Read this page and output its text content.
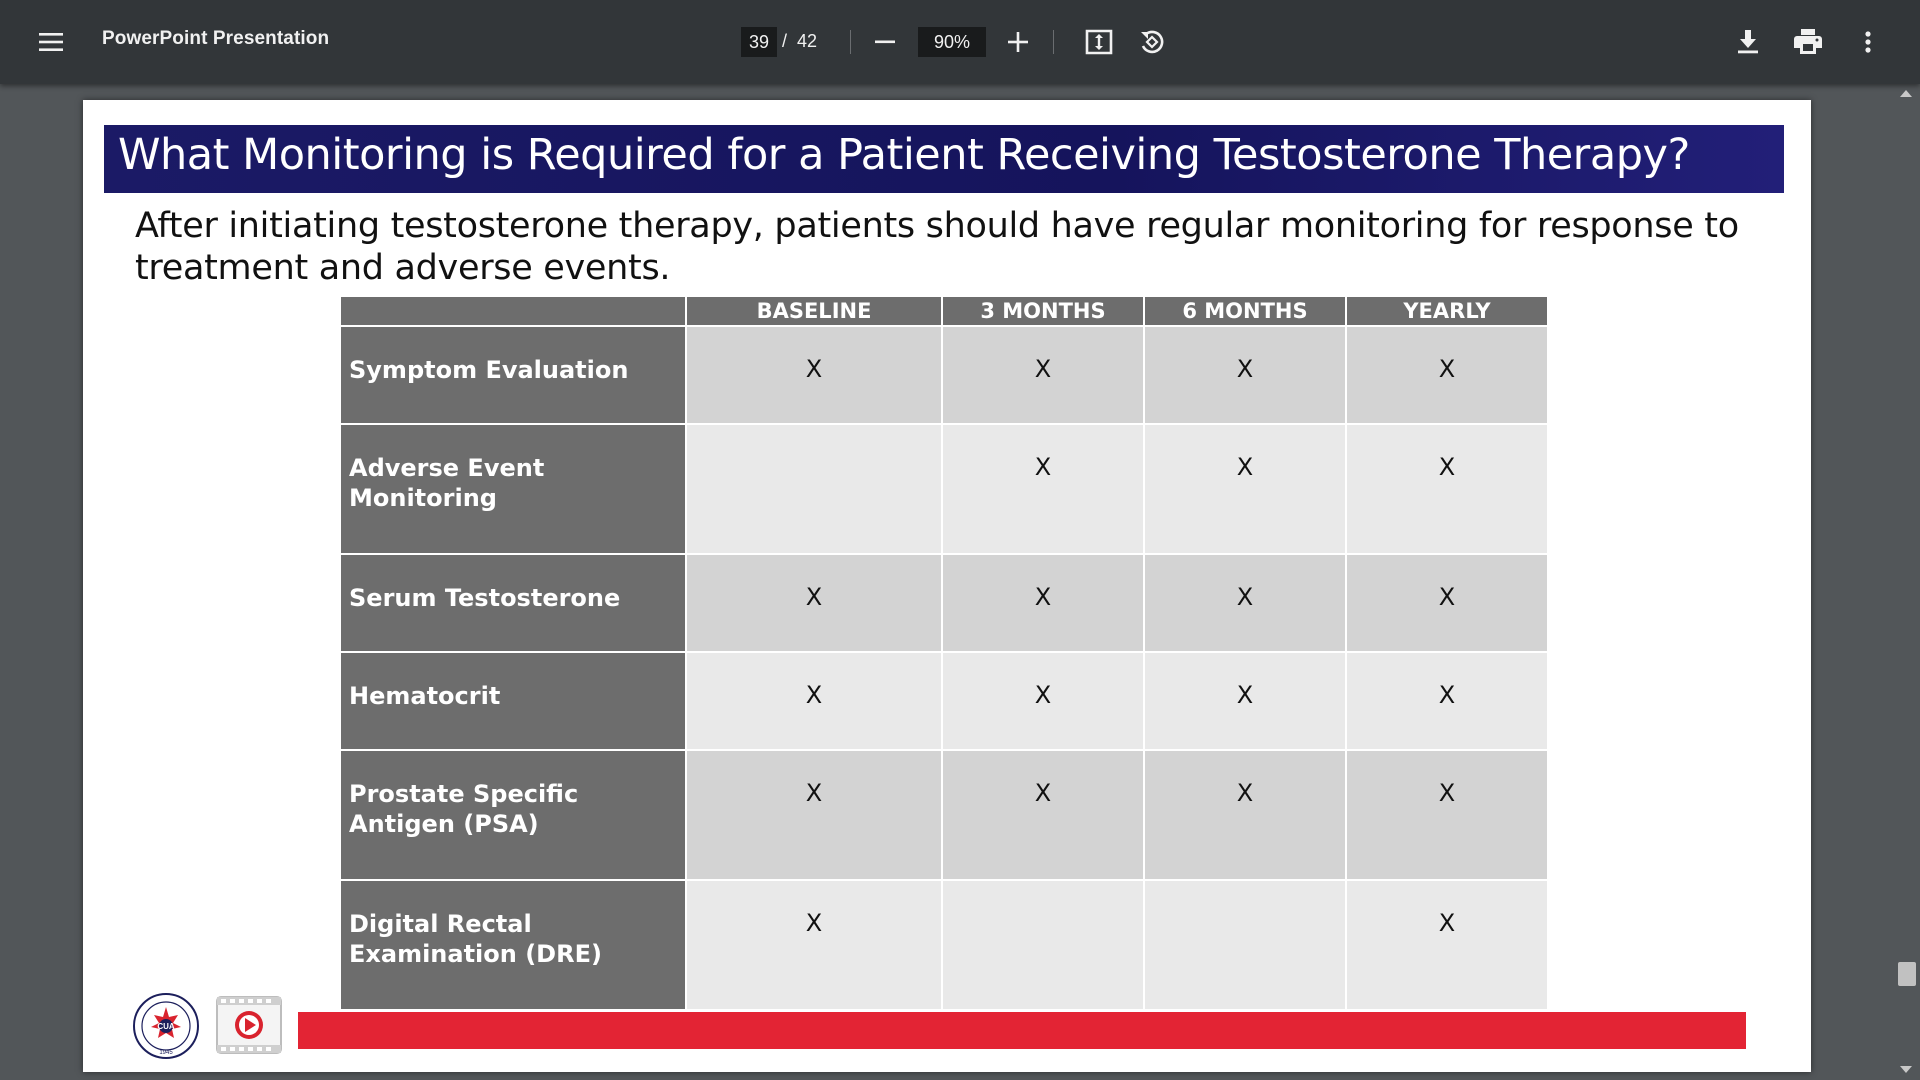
PowerPoint Presentation
39	/ 42
90%
What Monitoring is Required for a Patient Receiving Testosterone Therapy?
After initiating testosterone therapy, patients should have regular monitoring for response to treatment and adverse events.
	BASELINE	3 MONTHS	6 MONTHS	YEARLY
Symptom Evaluation	X	X	X	X
Adverse Event Monitoring		X	X	X
Serum Testosterone	X	X	X	X
Hematocrit	X	X	X	X
Prostate Specific Antigen (PSA)	X	X	X	X
Digital Rectal Examination (DRE)	X			X
CUA
1945
